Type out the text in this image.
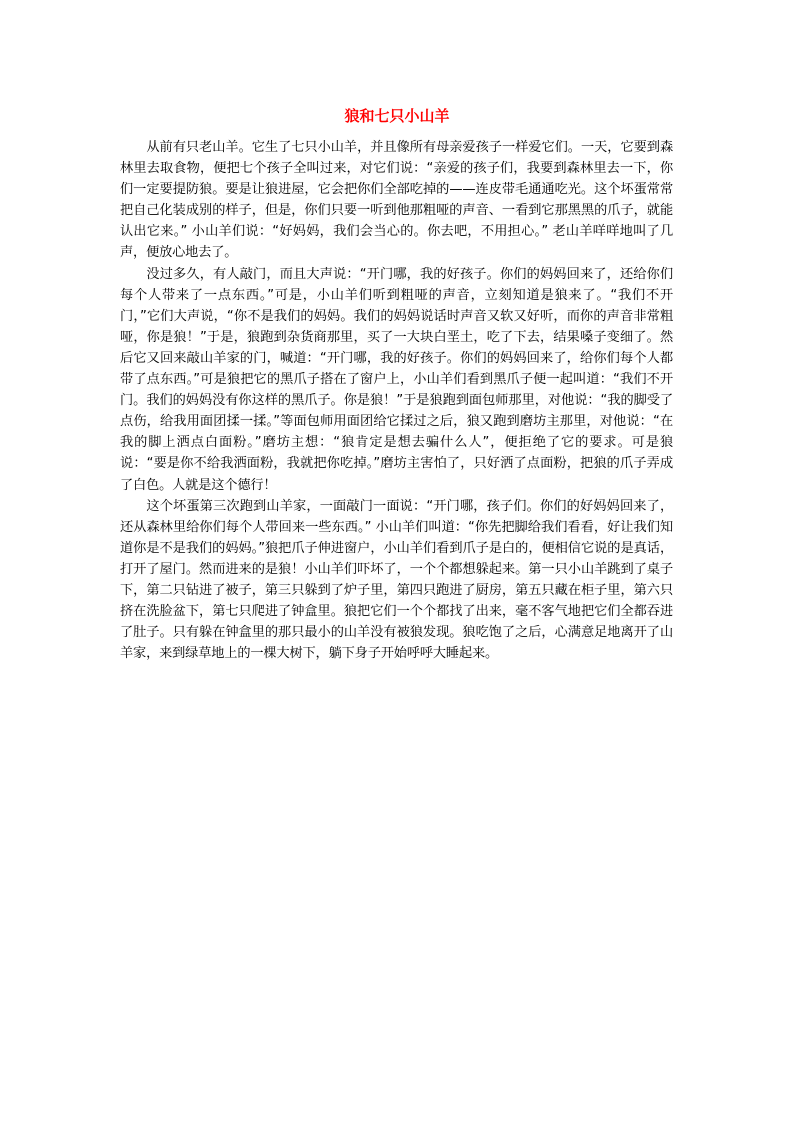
狼和七只小山羊

从前有只老山羊。它生了七只小山羊，并且像所有母亲爱孩子一样爱它们。一天，它要到森林里去取食物，便把七个孩子全叫过来，对它们说：“亲爱的孩子们，我要到森林里去一下，你们一定要提防狼。要是让狼进屋，它会把你们全部吃掉的——连皮带毛通通吃光。这个坏蛋常常把自己化装成别的样子，但是，你们只要一听到他那粗哑的声音、一看到它那黑黑的爪子，就能认出它来。” 小山羊们说：“好妈妈，我们会当心的。你去吧，不用担心。” 老山羊咩咩地叫了几声，便放心地去了。

没过多久，有人敲门，而且大声说：“开门哪，我的好孩子。你们的妈妈回来了，还给你们每个人带来了一点东西。”可是，小山羊们听到粗哑的声音，立刻知道是狼来了。“我们不开门，”它们大声说，“你不是我们的妈妈。我们的妈妈说话时声音又软又好听，而你的声音非常粗哑，你是狼！”于是，狼跑到杂货商那里，买了一大块白垩土，吃了下去，结果嗓子变细了。然后它又回来敲山羊家的门，喊道：“开门哪，我的好孩子。你们的妈妈回来了，给你们每个人都带了点东西。”可是狼把它的黑爪子搭在了窗户上，小山羊们看到黑爪子便一起叫道：“我们不开门。我们的妈妈没有你这样的黑爪子。你是狼！”于是狼跑到面包师那里，对他说：“我的脚受了点伤，给我用面团揉一揉。”等面包师用面团给它揉过之后，狼又跑到磨坊主那里，对他说：“在我的脚上洒点白面粉。”磨坊主想：“狼肯定是想去骗什么人”，便拒绝了它的要求。可是狼说：“要是你不给我洒面粉，我就把你吃掉。”磨坊主害怕了，只好洒了点面粉，把狼的爪子弄成了白色。人就是这个德行！

这个坏蛋第三次跑到山羊家，一面敲门一面说：“开门哪，孩子们。你们的好妈妈回来了，还从森林里给你们每个人带回来一些东西。” 小山羊们叫道：“你先把脚给我们看看，好让我们知道你是不是我们的妈妈。”狼把爪子伸进窗户，小山羊们看到爪子是白的，便相信它说的是真话，打开了屋门。然而进来的是狼！小山羊们吓坏了，一个个都想躲起来。第一只小山羊跳到了桌子下，第二只钻进了被子，第三只躲到了炉子里，第四只跑进了厨房，第五只藏在柜子里，第六只挤在洗脸盆下，第七只爬进了钟盒里。狼把它们一个个都找了出来，毫不客气地把它们全都吞进了肚子。只有躲在钟盒里的那只最小的山羊没有被狼发现。狼吃饱了之后，心满意足地离开了山羊家，来到绿草地上的一棵大树下，躺下身子开始呼呼大睡起来。
